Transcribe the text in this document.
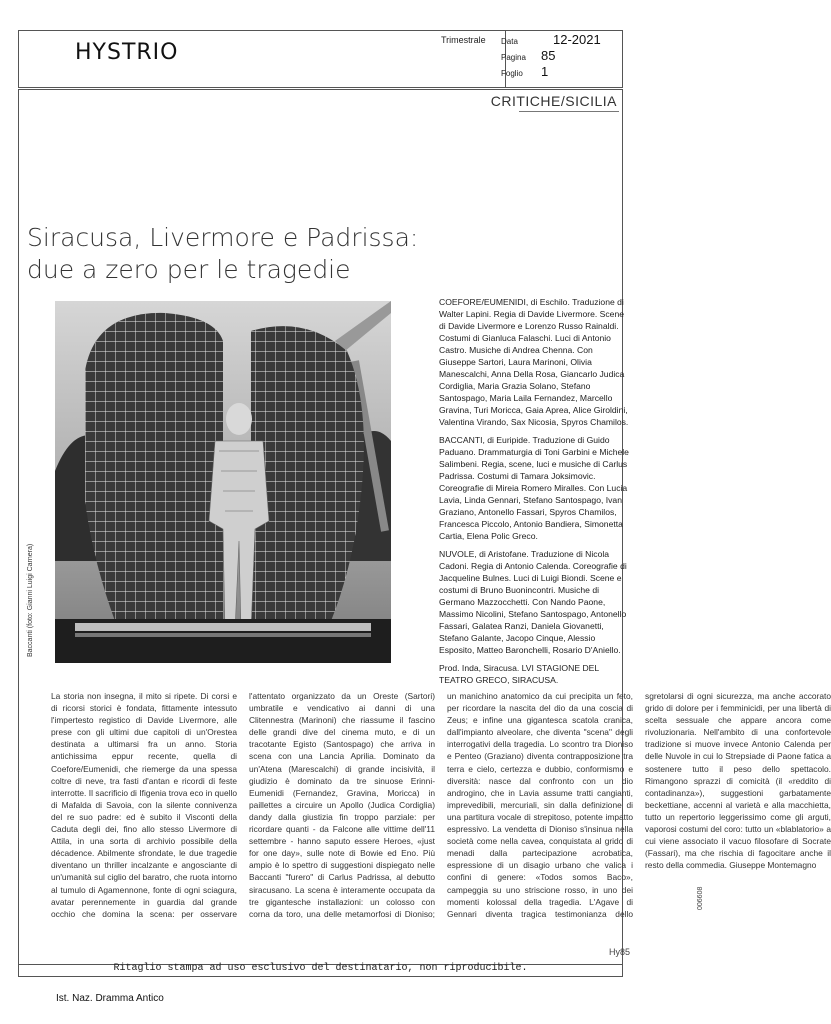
HYSTRIO	Trimestrale Data	12-2021
Pagina 85
Foglio 1
CRITICHE/SICILIA
Siracusa, Livermore e Padrissa:
due a zero per le tragedie
Baccanti (foto: Gianni Luigi Carnera)

COEFORE/EUMENIDI, di Eschilo. Traduzione di Walter Lapini. Regia di Davide Livermore. Scene di Davide Livermore e Lorenzo Russo Rainaldi. Costumi di Gianluca Falaschi. Luci di Antonio Castro. Musiche di Andrea Chenna. Con Giuseppe Sartori, Laura Marinoni, Olivia Manescalchi, Anna Della Rosa, Giancarlo Judica Cordiglia, Maria Grazia Solano, Stefano Santospago, Maria Laila Fernandez, Marcello Gravina, Turi Moricca, Gaia Aprea, Alice Giroldini, Valentina Virando, Sax Nicosia, Spyros Chamilos.

BACCANTI, di Euripide. Traduzione di Guido Paduano. Drammaturgia di Toni Garbini e Michele Salimbeni. Regia, scene, luci e musiche di Carlus Padrissa. Costumi di Tamara Joksimovic. Coreografie di Mireia Romero Miralles. Con Lucia Lavia, Linda Gennari, Stefano Santospago, Ivan Graziano, Antonello Fassari, Spyros Chamilos, Francesca Piccolo, Antonio Bandiera, Simonetta Cartia, Elena Polic Greco.

NUVOLE, di Aristofane. Traduzione di Nicola Cadoni. Regia di Antonio Calenda. Coreografie di Jacqueline Bulnes. Luci di Luigi Biondi. Scene e costumi di Bruno Buonincontri. Musiche di Germano Mazzocchetti. Con Nando Paone, Massimo Nicolini, Stefano Santospago, Antonello Fassari, Galatea Ranzi, Daniela Giovanetti, Stefano Galante, Jacopo Cinque, Alessio Esposito, Matteo Baronchelli, Rosario D'Aniello.

Prod. Inda, Siracusa. LVI STAGIONE DEL TEATRO GRECO, SIRACUSA.

La storia non insegna, il mito si ripete. Di corsi e di ricorsi storici è fondata, fittamente intessuto l'impertesto registico di Davide Livermore, alle prese con gli ultimi due capitoli di un'Orestea destinata a ultimarsi fra un anno. Storia antichissima eppur recente, quella di Coefore/Eumenidi, che riemerge da una spessa coltre di neve, tra fasti d'antan e ricordi di feste interrotte. Il sacrificio di Ifigenia trova eco in quello di Mafalda di Savoia, con la silente connivenza del re suo padre: ed è subito il Visconti della Caduta degli dei, fino allo stesso Livermore di Attila, in una sorta di archivio possibile della décadence. Abilmente sfrondate, le due tragedie diventano un thriller incalzante e angosciante di un'umanità sul ciglio del baratro, che ruota intorno al tumulo di Agamennone, fonte di ogni sciagura, avatar perennemente in guardia dal grande occhio che domina la scena: per osservare l'attentato organizzato da un Oreste (Sartori) umbratile e vendicativo ai danni di una Clitennestra (Marinoni) che riassume il fascino delle grandi dive del cinema muto, e di un tracotante Egisto (Santospago) che arriva in scena con una Lancia Aprilia. Dominato da un'Atena (Marescalchi) di grande incisività, il giudizio è dominato da tre sinuose Erinni-Eumenidi (Fernandez, Gravina, Moricca) in paillettes a circuire un Apollo (Judica Cordiglia) dandy dalla giustizia fin troppo parziale: per ricordare quanti - da Falcone alle vittime dell'11 settembre - hanno saputo essere Heroes, «just for one day», sulle note di Bowie ed Eno. Più ampio è lo spettro di suggestioni dispiegato nelle Baccanti "furero" di Carlus Padrissa, al debutto siracusano. La scena è interamente occupata da tre gigantesche installazioni: un colosso con corna da toro, una delle metamorfosi di Dioniso; un manichino anatomico da cui precipita un feto, per ricordare la nascita del dio da una coscia di Zeus; e infine una gigantesca scatola cranica, dall'impianto alveolare, che diventa "scena" degli interrogativi della tragedia. Lo scontro tra Dioniso e Penteo (Graziano) diventa contrapposizione tra terra e cielo, certezza e dubbio, conformismo e diversità: nasce dal confronto con un dio androgino, che in Lavia assume tratti cangianti, imprevedibili, mercuriali, sin dalla definizione di una partitura vocale di strepitoso, potente impatto espressivo. La vendetta di Dioniso s'insinua nella società come nella cavea, conquistata al grido di menadi dalla partecipazione acrobatica, espressione di un disagio urbano che valica i confini di genere: «Todos somos Baco», campeggia su uno striscione rosso, in uno dei momenti kolossal della tragedia. L'Agave di Gennari diventa tragica testimonianza dello sgretolarsi di ogni sicurezza, ma anche accorato grido di dolore per i femminicidi, per una libertà di scelta sessuale che appare ancora come rivoluzionaria. Nell'ambito di una confortevole tradizione si muove invece Antonio Calenda per delle Nuvole in cui lo Strepsiade di Paone fatica a sostenere tutto il peso dello spettacolo. Rimangono sprazzi di comicità (il «reddito di contadinanza»), suggestioni garbatamente beckettiane, accenni al varietà e alla macchietta, tutto un repertorio leggerissimo come gli arguti, vaporosi costumi del coro: tutto un «blablatorio» a cui viene associato il vacuo filosofare di Socrate (Fassari), ma che rischia di fagocitare anche il resto della commedia. Giuseppe Montemagno

Hy85
Ritaglio stampa ad uso esclusivo del destinatario, non riproducibile.
006608
Ist. Naz. Dramma Antico
